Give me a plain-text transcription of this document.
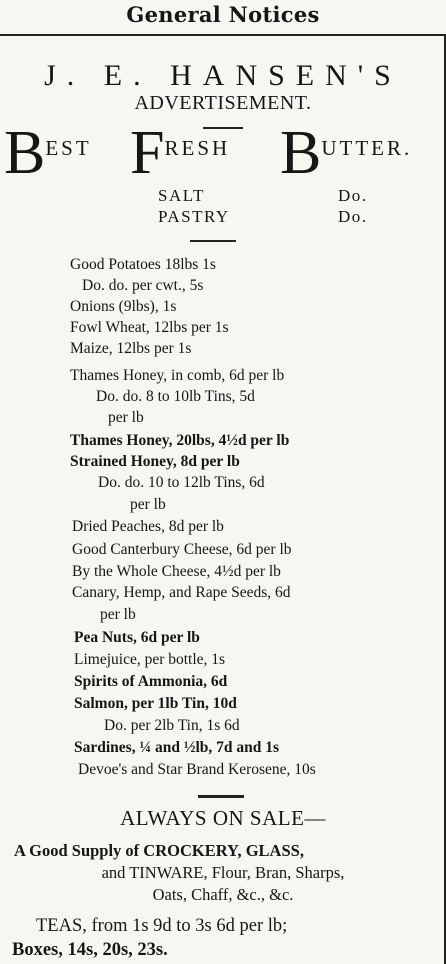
General Notices
J. E. HANSEN'S
ADVERTISEMENT.
BEST FRESH BUTTER.
SALT	Do.
PASTRY	Do.
Good Potatoes 18lbs 1s
Do. do. per cwt., 5s
Onions (9lbs), 1s
Fowl Wheat, 12lbs per 1s
Maize, 12lbs per 1s
Thames Honey, in comb, 6d per lb
Do. do. 8 to 10lb Tins, 5d
per lb
Thames Honey, 20lbs, 4½d per lb
Strained Honey, 8d per lb
Do. do. 10 to 12lb Tins, 6d
per lb
Dried Peaches, 8d per lb
Good Canterbury Cheese, 6d per lb
By the Whole Cheese, 4½d per lb
Canary, Hemp, and Rape Seeds, 6d
per lb
Pea Nuts, 6d per lb
Limejuice, per bottle, 1s
Spirits of Ammonia, 6d
Salmon, per 1lb Tin, 10d
Do. per 2lb Tin, 1s 6d
Sardines, ¼ and ½lb, 7d and 1s
Devoe's and Star Brand Kerosene, 10s
ALWAYS ON SALE—
A Good Supply of CROCKERY, GLASS,
and TINWARE, Flour, Bran, Sharps,
Oats, Chaff, &c., &c.
TEAS, from 1s 9d to 3s 6d per lb;
Boxes, 14s, 20s, 23s.
